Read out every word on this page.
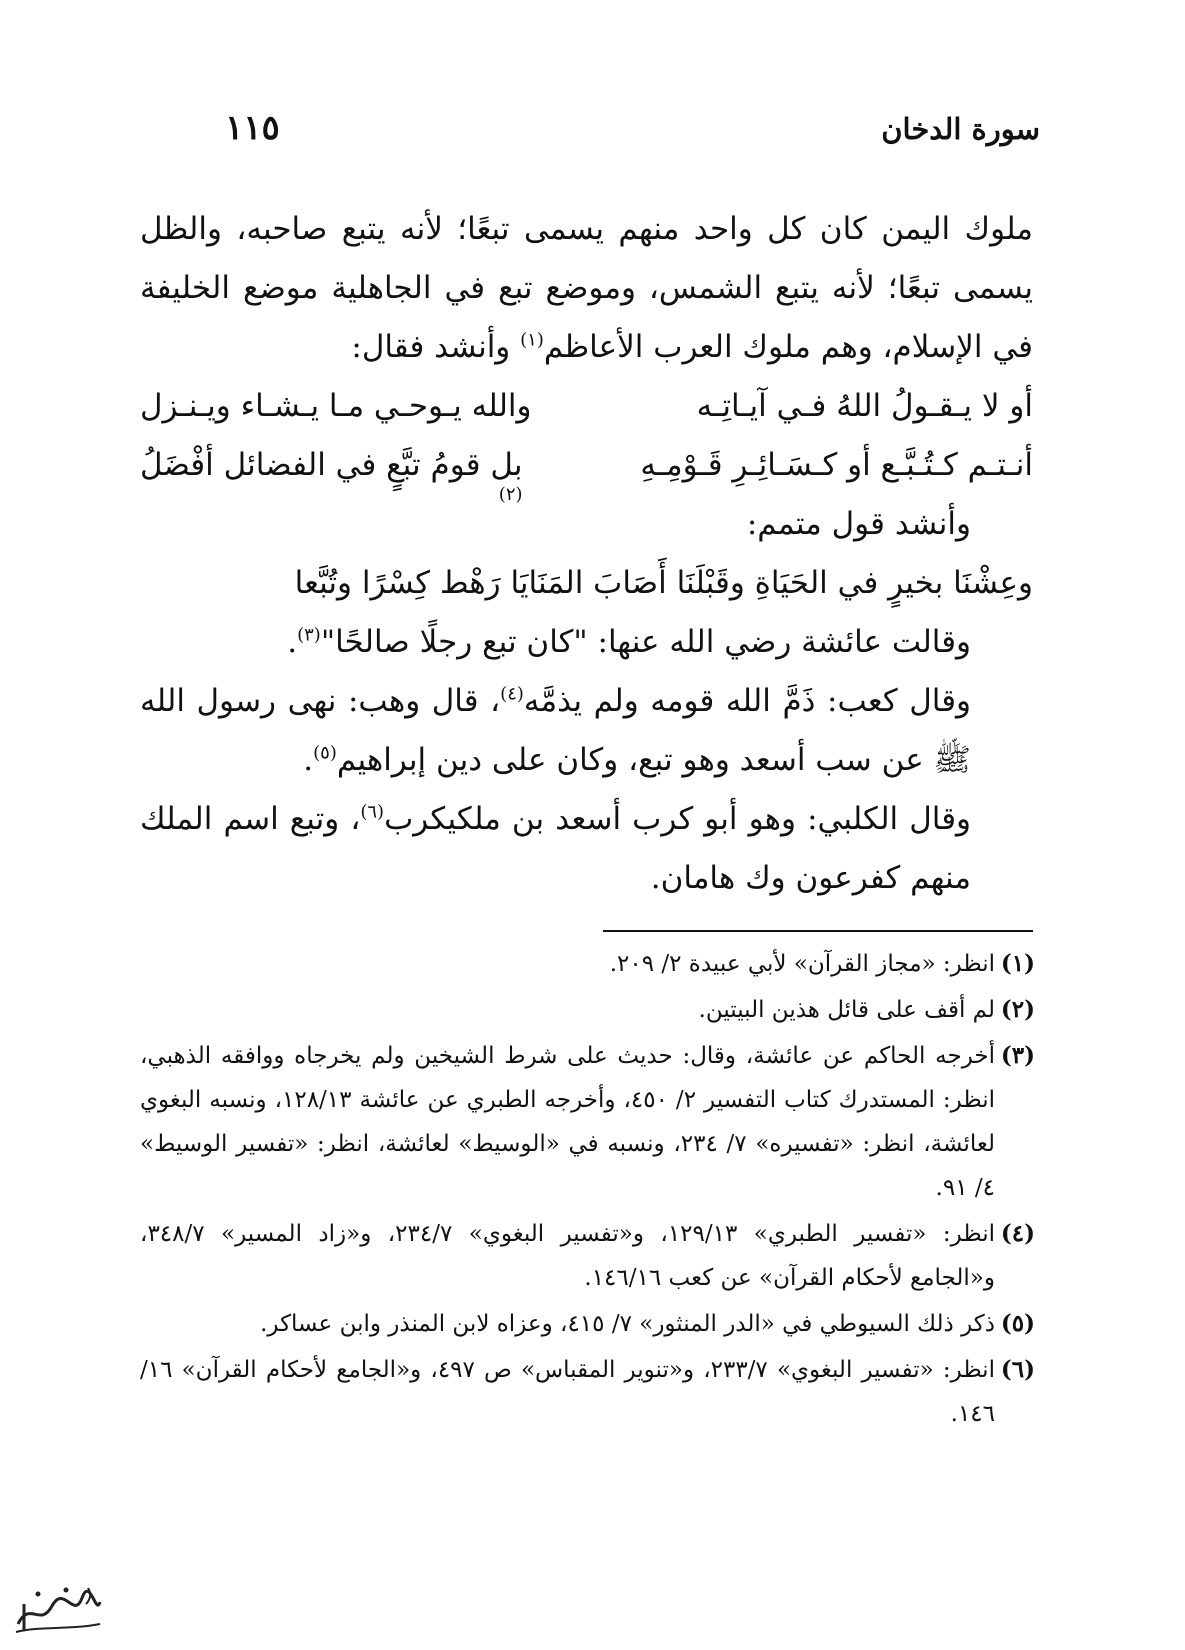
سورة الدخان
١١٥

ملوك اليمن كان كل واحد منهم يسمى تبعًا؛ لأنه يتبع صاحبه، والظل يسمى تبعًا؛ لأنه يتبع الشمس، وموضع تبع في الجاهلية موضع الخليفة في الإسلام، وهم ملوك العرب الأعاظم$^{(١)}$ وأنشد فقال:

أو لا يـقـولُ اللهُ فـي آيـاتِـه
والله يـوحـي مـا يـشـاء ويـنـزل
أنـتـم كـتُـبَّـع أو كـسَـائِـرِ قَـوْمِـهِ
بل قومُ تبَّعٍ في الفضائل أفْضَلُ
(٢)

وأنشد قول متمم:

وعِشْنَا بخيرٍ في الحَيَاةِ وقَبْلَنَا أَصَابَ المَنَايَا رَهْط كِسْرًا وتُبَّعا

وقالت عائشة رضي الله عنها: "كان تبع رجلًا صالحًا"$^{(٣)}$.

وقال كعب: ذَمَّ الله قومه ولم يذمَّه$^{(٤)}$، قال وهب: نهى رسول الله ﷺ عن سب أسعد وهو تبع، وكان على دين إبراهيم$^{(٥)}$.

وقال الكلبي: وهو أبو كرب أسعد بن ملكيكرب$^{(٦)}$، وتبع اسم الملك منهم كفرعون وك هامان.

(١)
انظر: «مجاز القرآن» لأبي عبيدة ٢/ ٢٠٩.
(٢)
لم أقف على قائل هذين البيتين.
(٣)
أخرجه الحاكم عن عائشة، وقال: حديث على شرط الشيخين ولم يخرجاه ووافقه الذهبي، انظر: المستدرك كتاب التفسير ٢/ ٤٥٠، وأخرجه الطبري عن عائشة ١٢٨/١٣، ونسبه البغوي لعائشة، انظر: «تفسيره» ٧/ ٢٣٤، ونسبه في «الوسيط» لعائشة، انظر: «تفسير الوسيط» ٤/ ٩١.
(٤)
انظر: «تفسير الطبري» ١٢٩/١٣، و«تفسير البغوي» ٢٣٤/٧، و«زاد المسير» ٣٤٨/٧، و«الجامع لأحكام القرآن» عن كعب ١٤٦/١٦.
(٥)
ذكر ذلك السيوطي في «الدر المنثور» ٧/ ٤١٥، وعزاه لابن المنذر وابن عساكر.
(٦)
انظر: «تفسير البغوي» ٢٣٣/٧، و«تنوير المقباس» ص ٤٩٧، و«الجامع لأحكام القرآن» ١٦/ ١٤٦.
